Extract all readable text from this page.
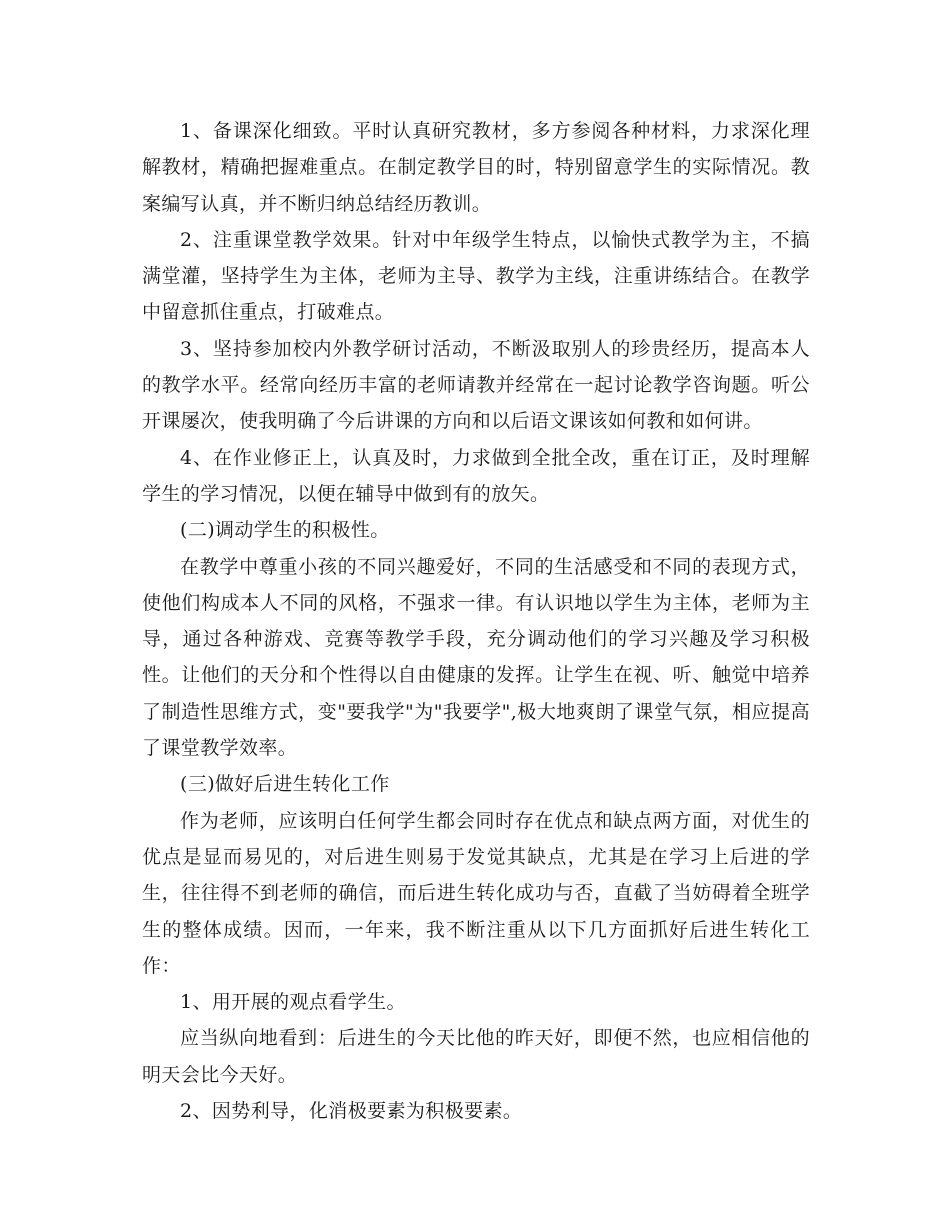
1、备课深化细致。平时认真研究教材，多方参阅各种材料，力求深化理解教材，精确把握难重点。在制定教学目的时，特别留意学生的实际情况。教案编写认真，并不断归纳总结经历教训。

2、注重课堂教学效果。针对中年级学生特点，以愉快式教学为主，不搞满堂灌，坚持学生为主体，老师为主导、教学为主线，注重讲练结合。在教学中留意抓住重点，打破难点。

3、坚持参加校内外教学研讨活动，不断汲取别人的珍贵经历，提高本人的教学水平。经常向经历丰富的老师请教并经常在一起讨论教学咨询题。听公开课屡次，使我明确了今后讲课的方向和以后语文课该如何教和如何讲。

4、在作业修正上，认真及时，力求做到全批全改，重在订正，及时理解学生的学习情况，以便在辅导中做到有的放矢。

(二)调动学生的积极性。

在教学中尊重小孩的不同兴趣爱好，不同的生活感受和不同的表现方式，使他们构成本人不同的风格，不强求一律。有认识地以学生为主体，老师为主导，通过各种游戏、竞赛等教学手段，充分调动他们的学习兴趣及学习积极性。让他们的天分和个性得以自由健康的发挥。让学生在视、听、触觉中培养了制造性思维方式，变"要我学"为"我要学",极大地爽朗了课堂气氛，相应提高了课堂教学效率。

(三)做好后进生转化工作

作为老师，应该明白任何学生都会同时存在优点和缺点两方面，对优生的优点是显而易见的，对后进生则易于发觉其缺点，尤其是在学习上后进的学生，往往得不到老师的确信，而后进生转化成功与否，直截了当妨碍着全班学生的整体成绩。因而，一年来，我不断注重从以下几方面抓好后进生转化工作：

1、用开展的观点看学生。

应当纵向地看到：后进生的今天比他的昨天好，即便不然，也应相信他的明天会比今天好。

2、因势利导，化消极要素为积极要素。
